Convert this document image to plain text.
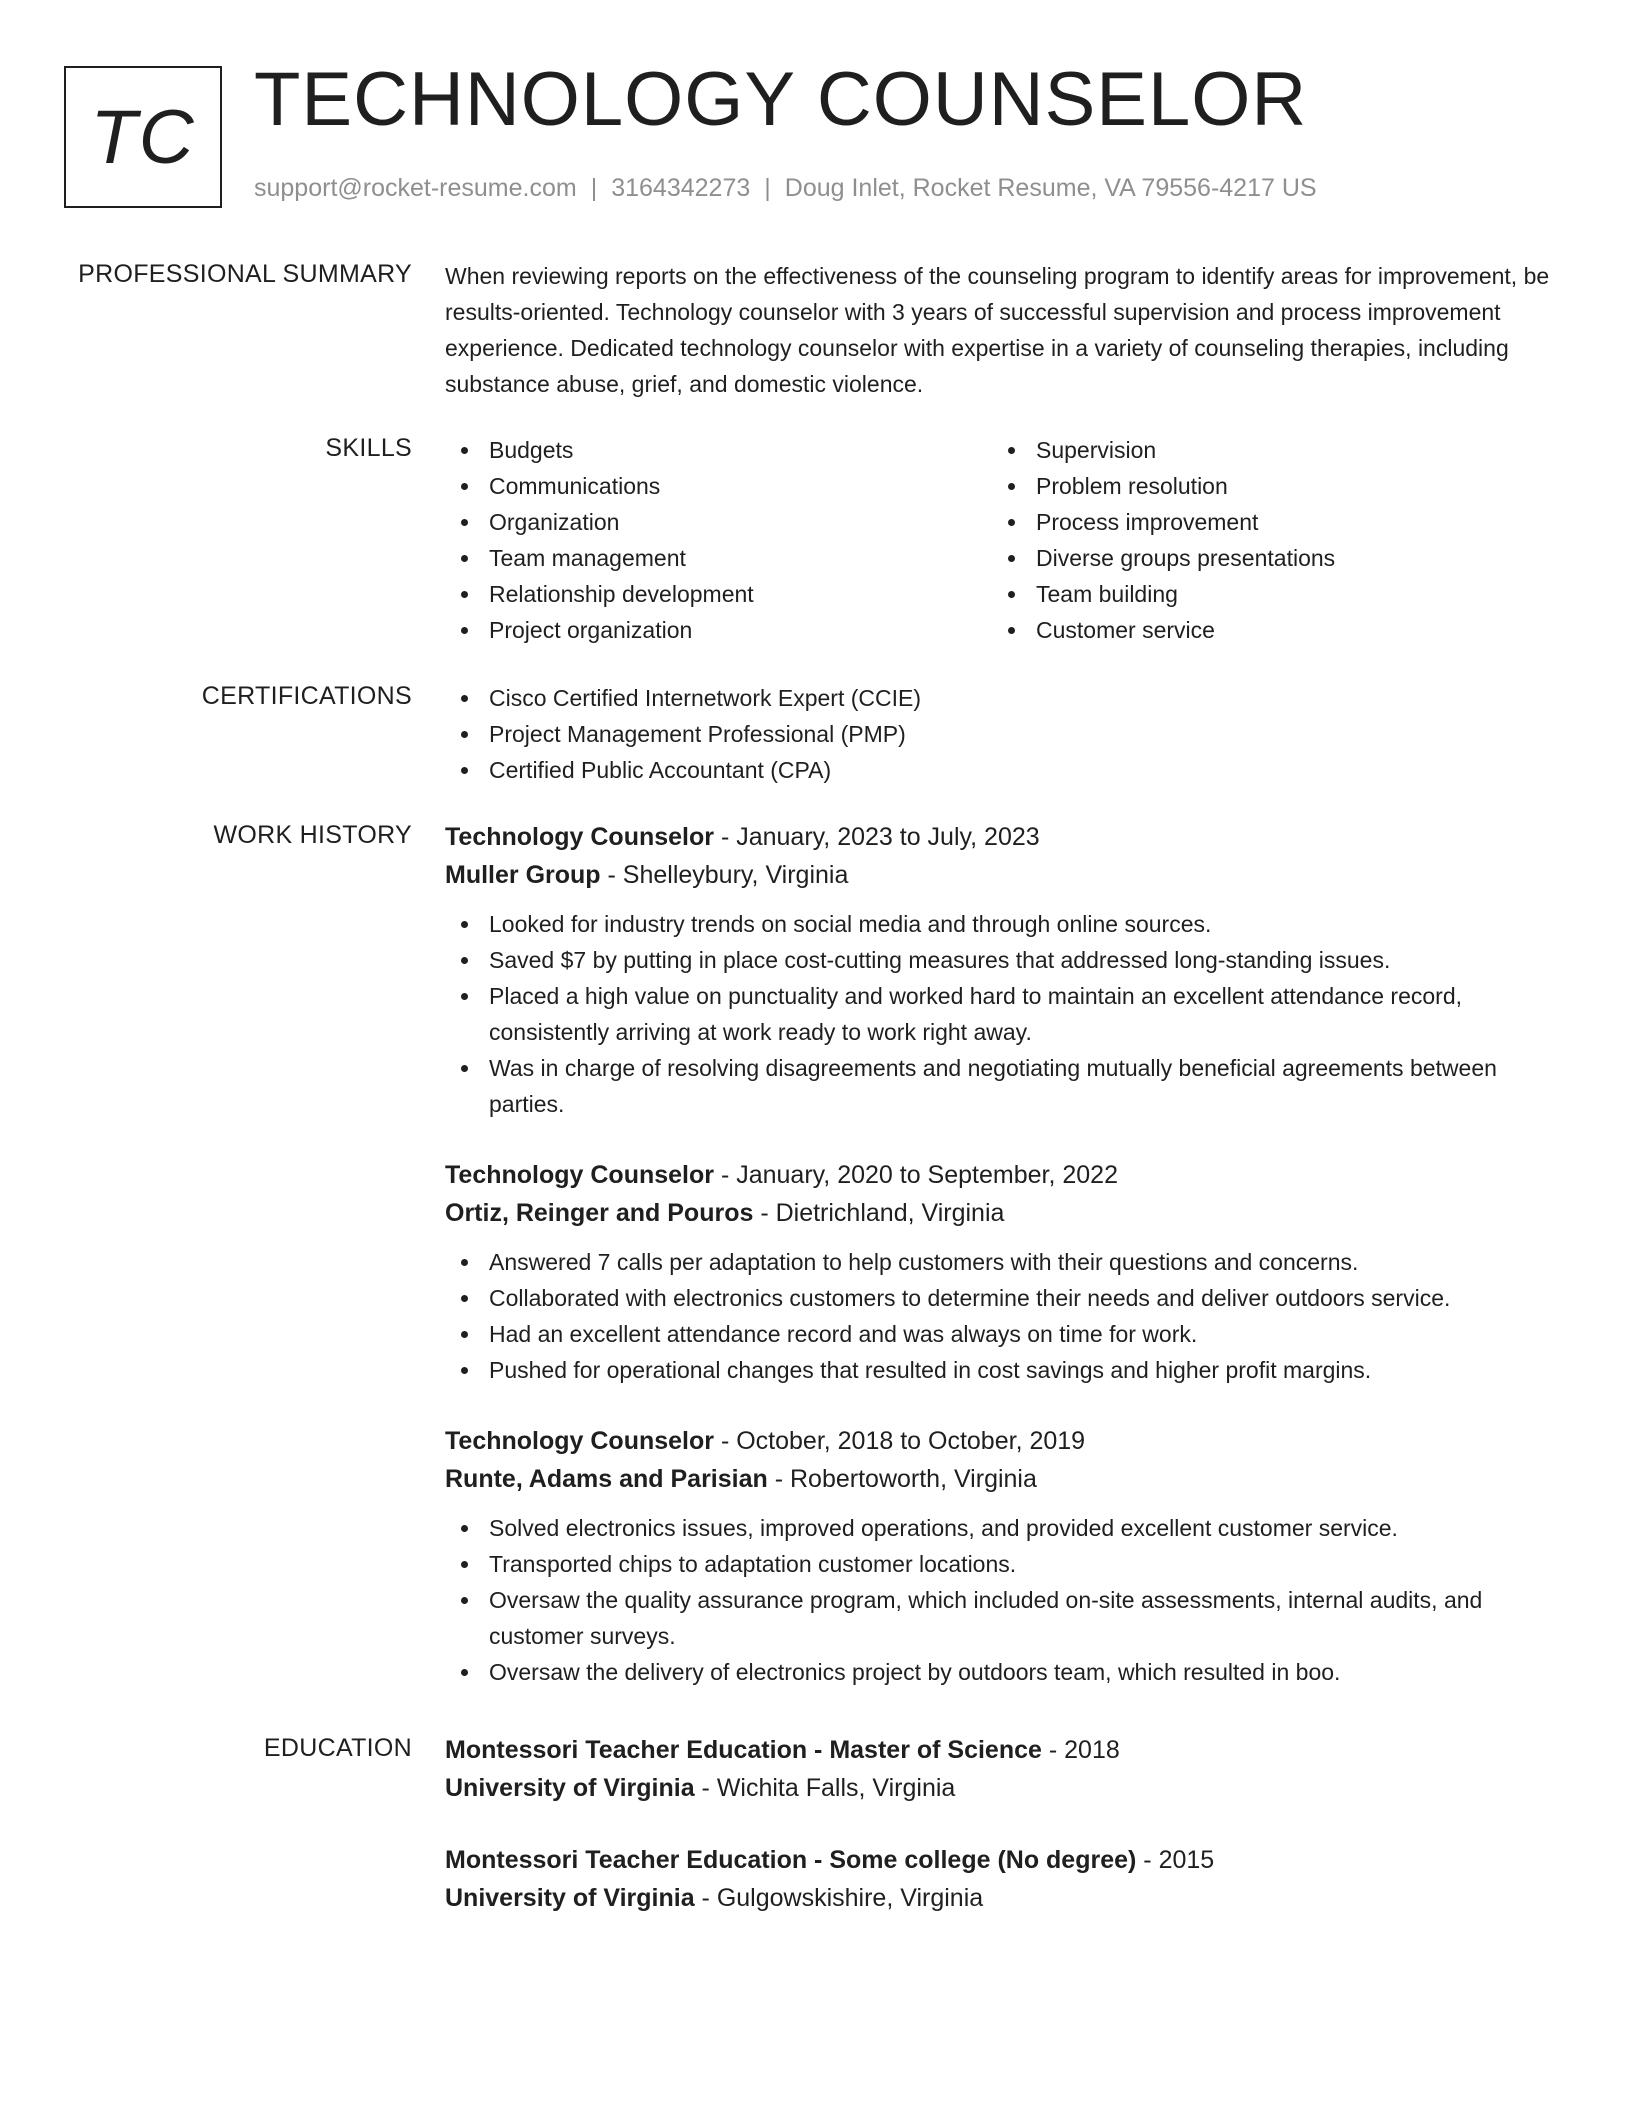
TC TECHNOLOGY COUNSELOR
support@rocket-resume.com | 3164342273 | Doug Inlet, Rocket Resume, VA 79556-4217 US
PROFESSIONAL SUMMARY When reviewing reports on the effectiveness of the counseling program to identify areas for improvement, be results-oriented. Technology counselor with 3 years of successful supervision and process improvement experience. Dedicated technology counselor with expertise in a variety of counseling therapies, including substance abuse, grief, and domestic violence.

SKILLS	Budgets
Communications
Organization
Team management
Relationship development
Project organization
Supervision
Problem resolution
Process improvement
Diverse groups presentations
Team building
Customer service
CERTIFICATIONS	Cisco Certified Internetwork Expert (CCIE)
Project Management Professional (PMP)
Certified Public Accountant (CPA)
WORK HISTORY Technology Counselor - January, 2023 to July, 2023
Muller Group - Shelleybury, Virginia
Looked for industry trends on social media and through online sources.
Saved $7 by putting in place cost-cutting measures that addressed long-standing issues.
Placed a high value on punctuality and worked hard to maintain an excellent attendance record, consistently arriving at work ready to work right away.
Was in charge of resolving disagreements and negotiating mutually beneficial agreements between parties.
Technology Counselor - January, 2020 to September, 2022
Ortiz, Reinger and Pouros - Dietrichland, Virginia
Answered 7 calls per adaptation to help customers with their questions and concerns.
Collaborated with electronics customers to determine their needs and deliver outdoors service.
Had an excellent attendance record and was always on time for work.
Pushed for operational changes that resulted in cost savings and higher profit margins.
Technology Counselor - October, 2018 to October, 2019
Runte, Adams and Parisian - Robertoworth, Virginia
Solved electronics issues, improved operations, and provided excellent customer service.
Transported chips to adaptation customer locations.
Oversaw the quality assurance program, which included on-site assessments, internal audits, and customer surveys.
Oversaw the delivery of electronics project by outdoors team, which resulted in boo.
EDUCATION Montessori Teacher Education - Master of Science - 2018
University of Virginia - Wichita Falls, Virginia
Montessori Teacher Education - Some college (No degree) - 2015
University of Virginia - Gulgowskishire, Virginia
